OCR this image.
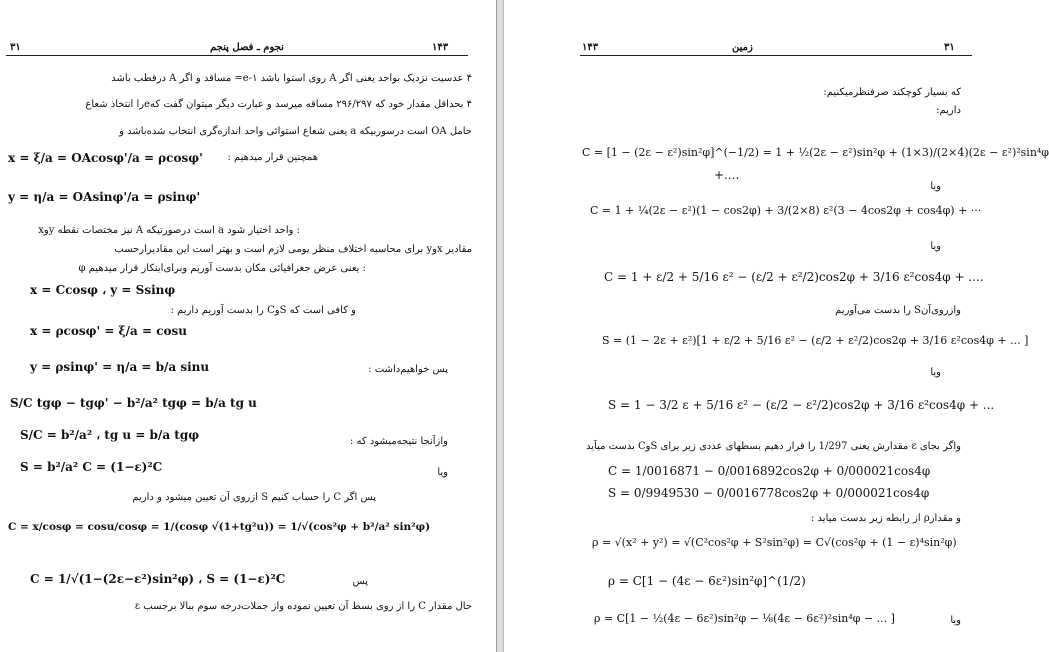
۳۱	نجوم ـ فصل پنجم	۱۴۳
۴ عدسیت نزدیک بواحد یعنی اگر A روی استوا باشد ۱-e= مساقد و اگر A درقطب باشد
۴ بحداقل مقدار خود که ۲۹۶/۲۹۷ مساقه میرسد و عبارت دیگر میتوان گفت کهeرا انتخاذ شعاع
حامل OA است درسوربیکه a یعنی شعاع استوائی واحد اندازه‌گری انتخاب شده‌باشد و
همچنین قرار میدهیم :
x = ξ/a = OAcosφ'/a = ρcosφ'
y = η/a = OAsinφ'/a = ρsinφ'
xوy نیز مختصات نقطه A است درصورتیکه a واحد اختیار شود :
مقادیر xوy برای محاسبه اختلاف منظر یومی لازم است و بهتر است این مقادیرارحسب
φ یعنی عرض جغرافیائی مکان بدست آوریم وبرای‌اینکار قرار میدهیم :
x = Ccosφ ، y = Ssinφ
و کافی است که SوC را بدست آوریم داریم :
x = ρcosφ' = ξ/a = cosu
y = ρsinφ' = η/a = b/a sinu	پس خواهیم‌داشت :
S/C tgφ − tgφ' − b²/a² tgφ = b/a tg u
S/C = b²/a² ، tg u = b/a tgφ	وازآنجا نتیجه‌میشود که :
S = b²/a² C = (1−ε)²C	ویا
پس اگر C را حساب کنیم S ازروی آن تعیین میشود و داریم
C = x/cosφ = cosu/cosφ = 1/(cosφ √(1+tg²u)) = 1/√(cos²φ + b²/a² sin²φ)
C = 1/√(1−(2ε−ε²)sin²φ) ، S = (1−ε)²C	پس
حال مقدار C را از روی بسط آن تعیین نموده واز جملات‌درجه سوم ببالا برجسب ε
۱۴۳	زمین	۳۱
که بسیار کوچکند صرفنظرمیکنیم:
داریم:
C = [1 − (2ε − ε²)sin²φ]^(−1/2) = 1 + ½(2ε − ε²)sin²φ + (1×3)/(2×4)(2ε − ε²)²sin⁴φ
+....
ویا
C = 1 + ¼(2ε − ε²)(1 − cos2φ) + 3/(2×8) ε²(3 − 4cos2φ + cos4φ) + ···
ویا
C = 1 + ε/2 + 5/16 ε² − (ε/2 + ε²/2)cos2φ + 3/16 ε²cos4φ + ....
وازروی‌آنS را بدست می‌آوریم
S = (1 − 2ε + ε²)[1 + ε/2 + 5/16 ε² − (ε/2 + ε²/2)cos2φ + 3/16 ε²cos4φ + ... ]
ویا
S = 1 − 3/2 ε + 5/16 ε² − (ε/2 − ε²/2)cos2φ + 3/16 ε²cos4φ + ...
واگر بجای ε مقدارش یعنی 1/297 را قرار دهیم بسطهای عددی زیر برای SوC بدست میآید
C = 1/0016871 − 0/0016892cos2φ + 0/000021cos4φ
S = 0/9949530 − 0/0016778cos2φ + 0/000021cos4φ
و مقدارρ از رابطه زیر بدست میاید :
ρ = √(x² + y²) = √(C²cos²φ + S²sin²φ) = C√(cos²φ + (1 − ε)⁴sin²φ)
ρ = C[1 − (4ε − 6ε²)sin²φ]^(1/2)
ρ = C[1 − ½(4ε − 6ε²)sin²φ − ⅛(4ε − 6ε²)²sin⁴φ − ... ]	ویا
